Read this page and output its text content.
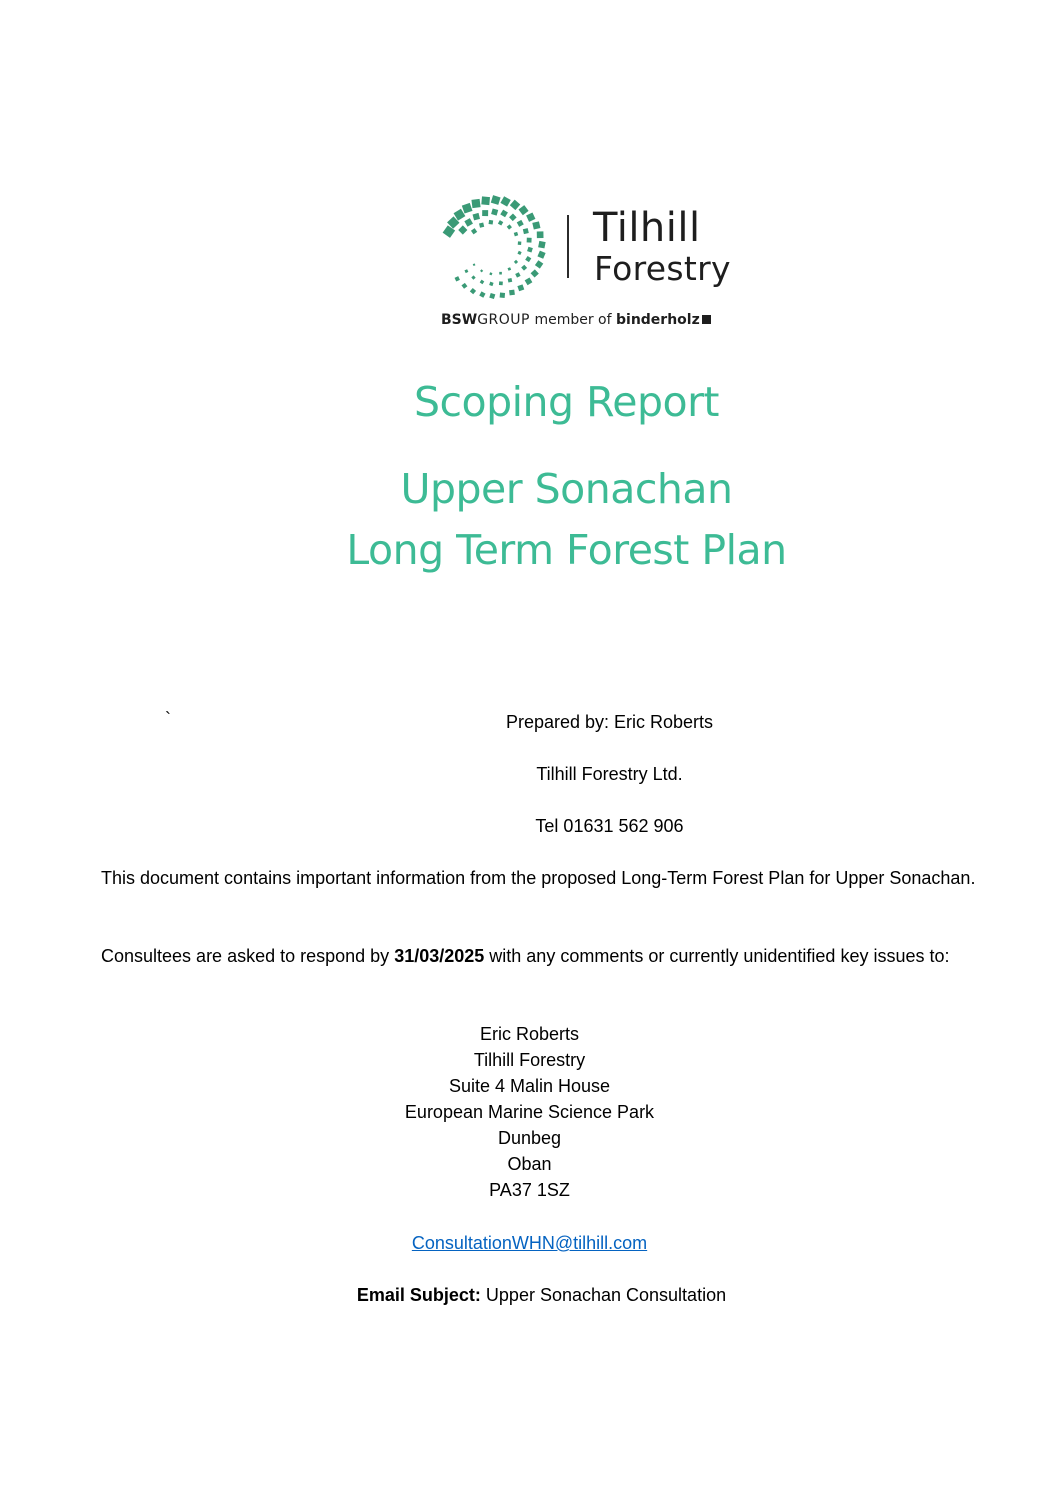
Tilhill
Forestry
BSWGROUP member of binderholz
Scoping Report
Upper Sonachan
Long Term Forest Plan
`	Prepared by: Eric Roberts
Tilhill Forestry Ltd.
Tel 01631 562 906
This document contains important information from the proposed Long-Term Forest Plan for Upper Sonachan.
Consultees are asked to respond by 31/03/2025 with any comments or currently unidentified key issues to:
Eric Roberts
Tilhill Forestry
Suite 4 Malin House
European Marine Science Park
Dunbeg
Oban
PA37 1SZ
ConsultationWHN@tilhill.com
Email Subject: Upper Sonachan Consultation
